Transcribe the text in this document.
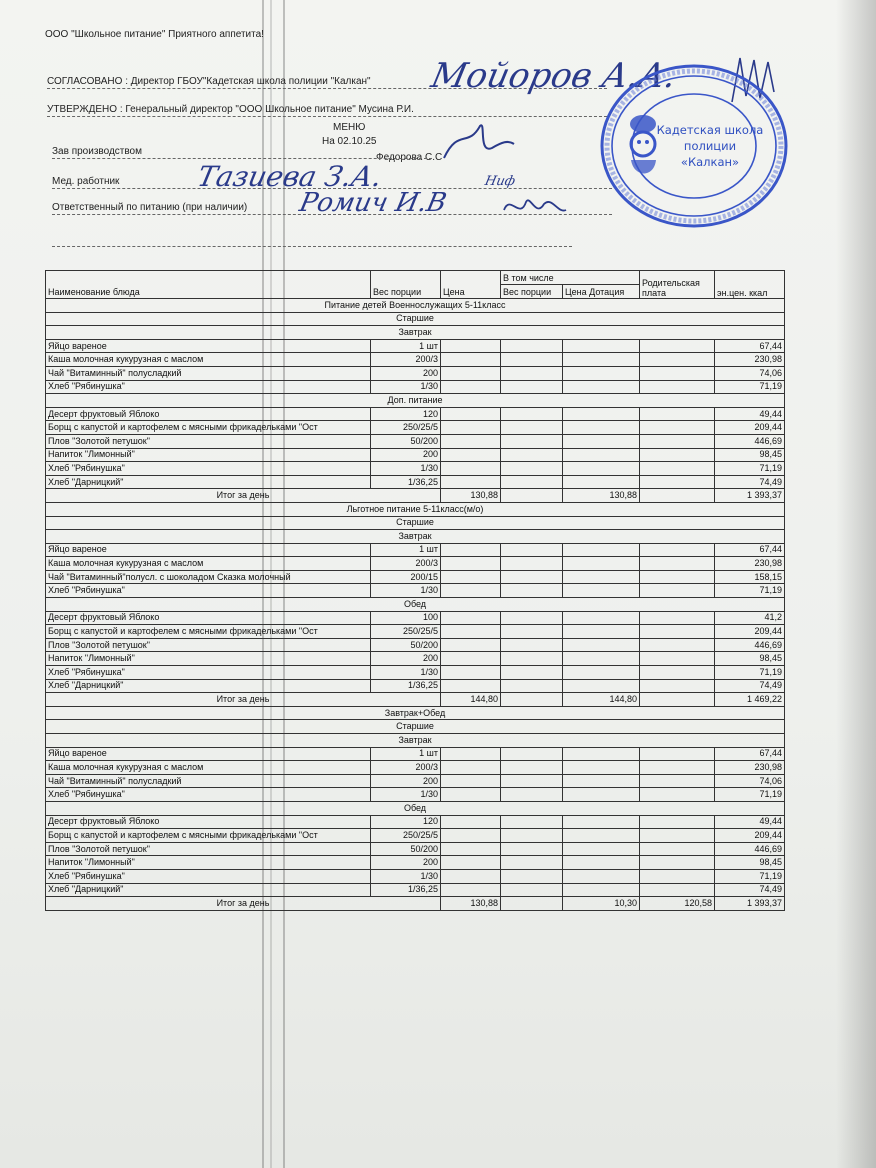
ООО "Школьное питание" Приятного аппетита!
СОГЛАСОВАНО : Директор ГБОУ"Кадетская школа полиции "Калкан"
УТВЕРЖДЕНО : Генеральный директор "ООО Школьное питание" Мусина Р.И.
МЕНЮ
На 02.10.25
Зав производством
Федорова С.С
Мед. работник
Ответственный по питанию (при наличии)
Мойоров А.А.
Тазиева З.А.	Ниф
Ромич И.В
Кадетская школа
полиции
«Калкан»
Наименование блюда	Вес порции	Цена	В том числе		Родительская плата	эн.цен. ккал
			Вес порции	Цена Дотация		
Питание детей Военнослужащих 5-11класс						
Старшие						
Завтрак						
Яйцо вареное	1 шт					67,44
Каша молочная кукурузная с маслом	200/3					230,98
Чай "Витаминный" полусладкий	200					74,06
Хлеб "Рябинушка"	1/30					71,19
Доп. питание						
Десерт фруктовый Яблоко	120					49,44
Борщ с капустой и картофелем с мясными фрикадельками "Ост	250/25/5					209,44
Плов "Золотой петушок"	50/200					446,69
Напиток "Лимонный"	200					98,45
Хлеб "Рябинушка"	1/30					71,19
Хлеб "Дарницкий"	1/36,25					74,49
Итог за день		130,88		130,88		1 393,37
Льготное питание 5-11класс(м/о)						
Старшие						
Завтрак						
Яйцо вареное	1 шт					67,44
Каша молочная кукурузная с маслом	200/3					230,98
Чай "Витаминный"полусл. с шоколадом Сказка молочный	200/15					158,15
Хлеб "Рябинушка"	1/30					71,19
Обед						
Десерт фруктовый Яблоко	100					41,2
Борщ с капустой и картофелем с мясными фрикадельками "Ост	250/25/5					209,44
Плов "Золотой петушок"	50/200					446,69
Напиток "Лимонный"	200					98,45
Хлеб "Рябинушка"	1/30					71,19
Хлеб "Дарницкий"	1/36,25					74,49
Итог за день		144,80		144,80		1 469,22
Завтрак+Обед						
Старшие						
Завтрак						
Яйцо вареное	1 шт					67,44
Каша молочная кукурузная с маслом	200/3					230,98
Чай "Витаминный" полусладкий	200					74,06
Хлеб "Рябинушка"	1/30					71,19
Обед						
Десерт фруктовый Яблоко	120					49,44
Борщ с капустой и картофелем с мясными фрикадельками "Ост	250/25/5					209,44
Плов "Золотой петушок"	50/200					446,69
Напиток "Лимонный"	200					98,45
Хлеб "Рябинушка"	1/30					71,19
Хлеб "Дарницкий"	1/36,25					74,49
Итог за день		130,88		10,30	120,58	1 393,37
